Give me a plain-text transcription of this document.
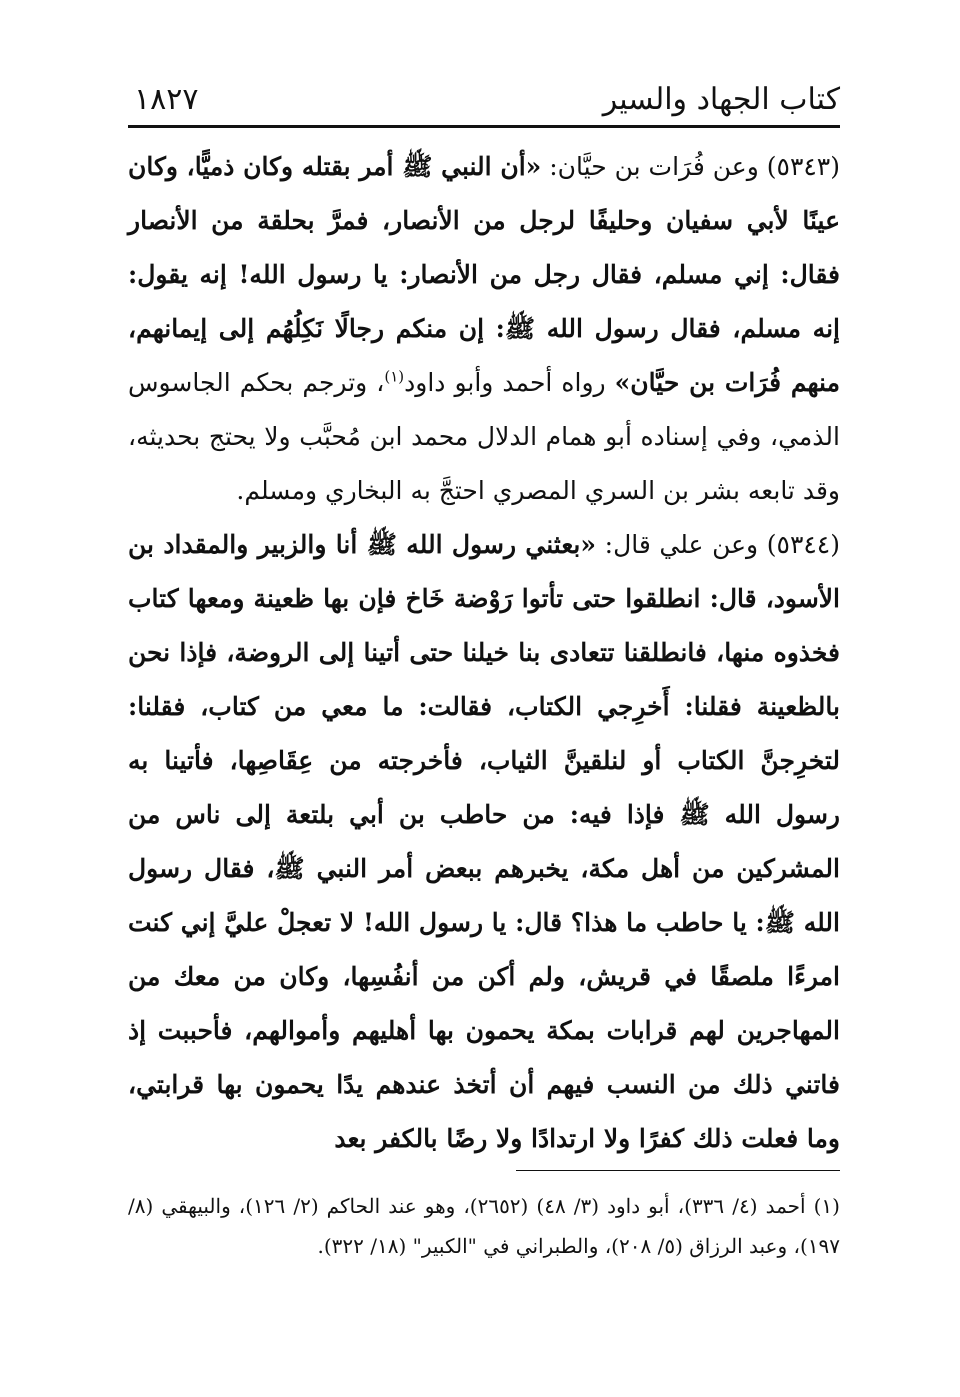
كتاب الجهاد والسير
١٨٢٧

(٥٣٤٣) وعن فُرَات بن حيَّان: «أن النبي ﷺ أمر بقتله وكان ذميًّا، وكان عينًا لأبي سفيان وحليفًا لرجل من الأنصار، فمرَّ بحلقة من الأنصار فقال: إني مسلم، فقال رجل من الأنصار: يا رسول الله! إنه يقول: إنه مسلم، فقال رسول الله ﷺ: إن منكم رجالًا نَكِلُهُم إلى إيمانهم، منهم فُرَات بن حيَّان» رواه أحمد وأبو داود$^{(١)}$، وترجم بحكم الجاسوس الذمي، وفي إسناده أبو همام الدلال محمد ابن مُحبَّب ولا يحتج بحديثه، وقد تابعه بشر بن السري المصري احتجَّ به البخاري ومسلم.

(٥٣٤٤) وعن علي قال: «بعثني رسول الله ﷺ أنا والزبير والمقداد بن الأسود، قال: انطلقوا حتى تأتوا رَوْضة خَاخ فإن بها ظعينة ومعها كتاب فخذوه منها، فانطلقنا تتعادى بنا خيلنا حتى أتينا إلى الروضة، فإذا نحن بالظعينة فقلنا: أَخرِجي الكتاب، فقالت: ما معي من كتاب، فقلنا: لتخرِجنَّ الكتاب أو لنلقينَّ الثياب، فأخرجته من عِقَاصِها، فأتينا به رسول الله ﷺ فإذا فيه: من حاطب بن أبي بلتعة إلى ناس من المشركين من أهل مكة، يخبرهم ببعض أمر النبي ﷺ، فقال رسول الله ﷺ: يا حاطب ما هذا؟ قال: يا رسول الله! لا تعجلْ عليَّ إني كنت امرءًا ملصقًا في قريش، ولم أكن من أنفُسِها، وكان من معك من المهاجرين لهم قرابات بمكة يحمون بها أهليهم وأموالهم، فأحببت إذ فاتني ذلك من النسب فيهم أن أتخذ عندهم يدًا يحمون بها قرابتي، وما فعلت ذلك كفرًا ولا ارتدادًا ولا رضًا بالكفر بعد

(١) أحمد (٤/ ٣٣٦)، أبو داود (٣/ ٤٨) (٢٦٥٢)، وهو عند الحاكم (٢/ ١٢٦)، والبيهقي (٨/ ١٩٧)، وعبد الرزاق (٥/ ٢٠٨)، والطبراني في "الكبير" (١٨/ ٣٢٢).
